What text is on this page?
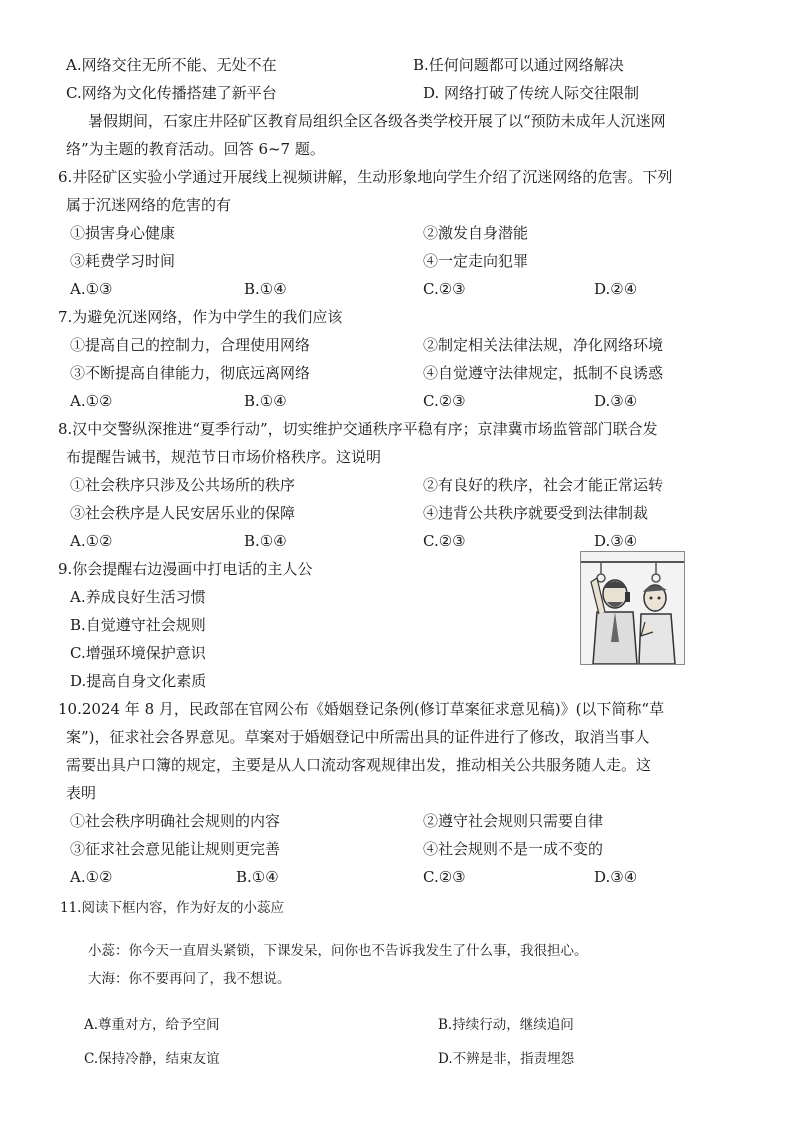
A.网络交往无所不能、无处不在	B.任何问题都可以通过网络解决
C.网络为文化传播搭建了新平台	D. 网络打破了传统人际交往限制
暑假期间，石家庄井陉矿区教育局组织全区各级各类学校开展了以“预防未成年人沉迷网
络”为主题的教育活动。回答 6~7 题。
6.井陉矿区实验小学通过开展线上视频讲解，生动形象地向学生介绍了沉迷网络的危害。下列
属于沉迷网络的危害的有
①损害身心健康	②激发自身潜能
③耗费学习时间	④一定走向犯罪
A.①③	B.①④	C.②③	D.②④
7.为避免沉迷网络，作为中学生的我们应该
①提高自己的控制力，合理使用网络	②制定相关法律法规，净化网络环境
③不断提高自律能力，彻底远离网络	④自觉遵守法律规定，抵制不良诱惑
A.①②	B.①④	C.②③	D.③④
8.汉中交警纵深推进“夏季行动”，切实维护交通秩序平稳有序；京津冀市场监管部门联合发
布提醒告诫书，规范节日市场价格秩序。这说明
①社会秩序只涉及公共场所的秩序	②有良好的秩序，社会才能正常运转
③社会秩序是人民安居乐业的保障	④违背公共秩序就要受到法律制裁
A.①②	B.①④	C.②③	D.③④
9.你会提醒右边漫画中打电话的主人公
A.养成良好生活习惯
B.自觉遵守社会规则
C.增强环境保护意识
D.提高自身文化素质
10.2024 年 8 月，民政部在官网公布《婚姻登记条例(修订草案征求意见稿)》(以下简称“草
案”)，征求社会各界意见。草案对于婚姻登记中所需出具的证件进行了修改，取消当事人
需要出具户口簿的规定，主要是从人口流动客观规律出发，推动相关公共服务随人走。这
表明
①社会秩序明确社会规则的内容	②遵守社会规则只需要自律
③征求社会意见能让规则更完善	④社会规则不是一成不变的
A.①②	B.①④	C.②③	D.③④
11.阅读下框内容，作为好友的小蕊应
小蕊：你今天一直眉头紧锁，下课发呆，问你也不告诉我发生了什么事，我很担心。
大海：你不要再问了，我不想说。
A.尊重对方，给予空间	B.持续行动，继续追问
C.保持冷静，结束友谊	D.不辨是非，指责埋怨
